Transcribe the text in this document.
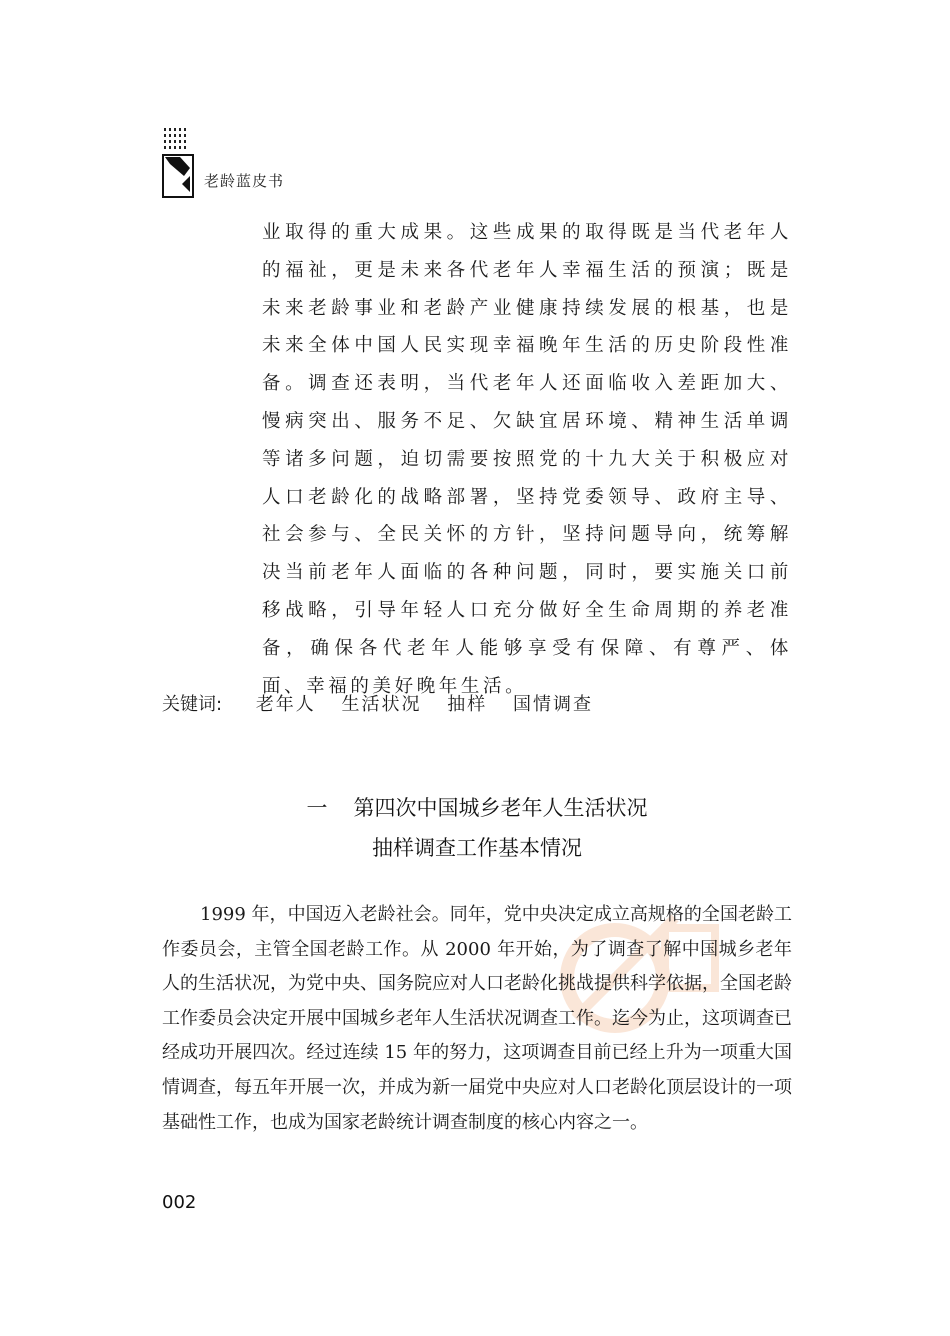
老龄蓝皮书
业取得的重大成果。这些成果的取得既是当代老年人的福祉，更是未来各代老年人幸福生活的预演；既是未来老龄事业和老龄产业健康持续发展的根基，也是未来全体中国人民实现幸福晚年生活的历史阶段性准备。调查还表明，当代老年人还面临收入差距加大、慢病突出、服务不足、欠缺宜居环境、精神生活单调等诸多问题，迫切需要按照党的十九大关于积极应对人口老龄化的战略部署，坚持党委领导、政府主导、社会参与、全民关怀的方针，坚持问题导向，统筹解决当前老年人面临的各种问题，同时，要实施关口前移战略，引导年轻人口充分做好全生命周期的养老准备，确保各代老年人能够享受有保障、有尊严、体面、幸福的美好晚年生活。
关键词: 老年人 生活状况 抽样 国情调查
一 第四次中国城乡老年人生活状况
抽样调查工作基本情况

1999 年，中国迈入老龄社会。同年，党中央决定成立高规格的全国老龄工作委员会，主管全国老龄工作。从 2000 年开始，为了调查了解中国城乡老年人的生活状况，为党中央、国务院应对人口老龄化挑战提供科学依据，全国老龄工作委员会决定开展中国城乡老年人生活状况调查工作。迄今为止，这项调查已经成功开展四次。经过连续 15 年的努力，这项调查目前已经上升为一项重大国情调查，每五年开展一次，并成为新一届党中央应对人口老龄化顶层设计的一项基础性工作，也成为国家老龄统计调查制度的核心内容之一。

002
